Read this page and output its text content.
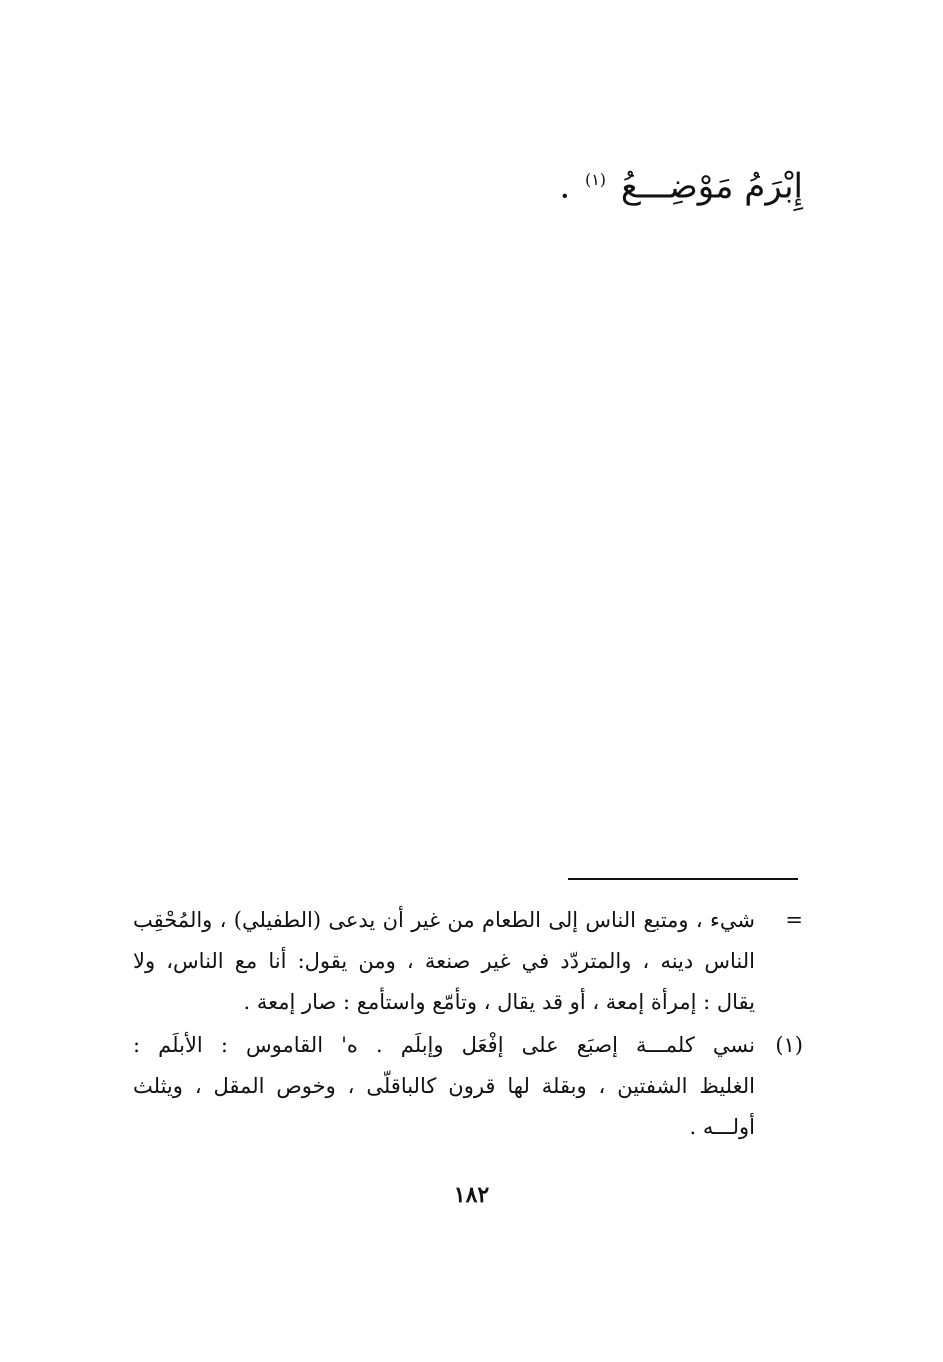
إِبْرَمُ مَوْضِـــعُ $^{(١)}$ .
=
شيء ، ومتبع الناس إلى الطعام من غير أن يدعى (الطفيلي) ، والمُحْقِب
الناس دينه ، والمتردّد في غير صنعة ، ومن يقول: أنا مع الناس، ولا
يقال : إمرأة إمعة ، أو قد يقال ، وتأمّع واستأمع : صار إمعة .
(١)
نسي كلمـــة إصبَع على إفْعَل وإبلَم . ه' القاموس : الأبلَم :
الغليظ الشفتين ، وبقلة لها قرون كالباقلّى ، وخوص المقل ، ويثلث
أولـــه .
١٨٢
